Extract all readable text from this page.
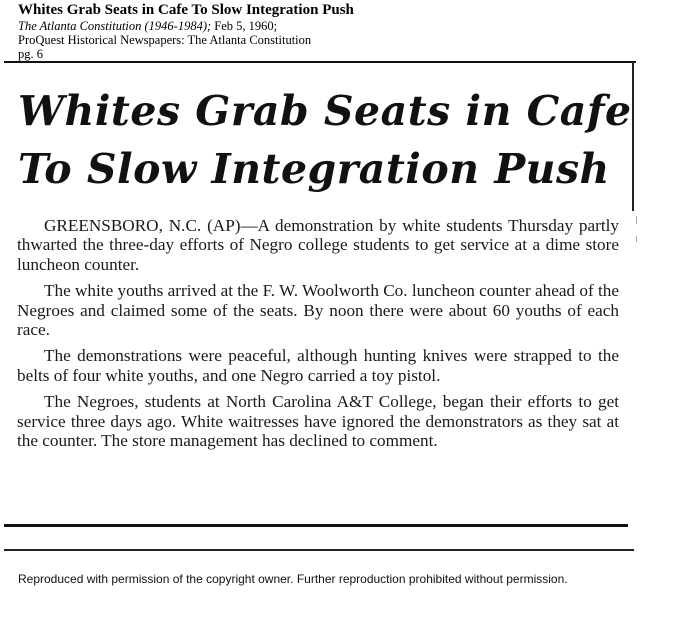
Whites Grab Seats in Cafe To Slow Integration Push
The Atlanta Constitution (1946-1984); Feb 5, 1960;
ProQuest Historical Newspapers: The Atlanta Constitution
pg. 6
Whites Grab Seats in Cafe
To Slow Integration Push

GREENSBORO, N.C. (AP)—A demonstration by white students Thursday partly thwarted the three-day efforts of Negro college students to get service at a dime store luncheon counter.

The white youths arrived at the F. W. Woolworth Co. luncheon counter ahead of the Negroes and claimed some of the seats. By noon there were about 60 youths of each race.

The demonstrations were peaceful, although hunting knives were strapped to the belts of four white youths, and one Negro carried a toy pistol.

The Negroes, students at North Carolina A&T College, began their efforts to get service three days ago. White waitresses have ignored the demonstrators as they sat at the counter. The store management has declined to comment.

Reproduced with permission of the copyright owner. Further reproduction prohibited without permission.
